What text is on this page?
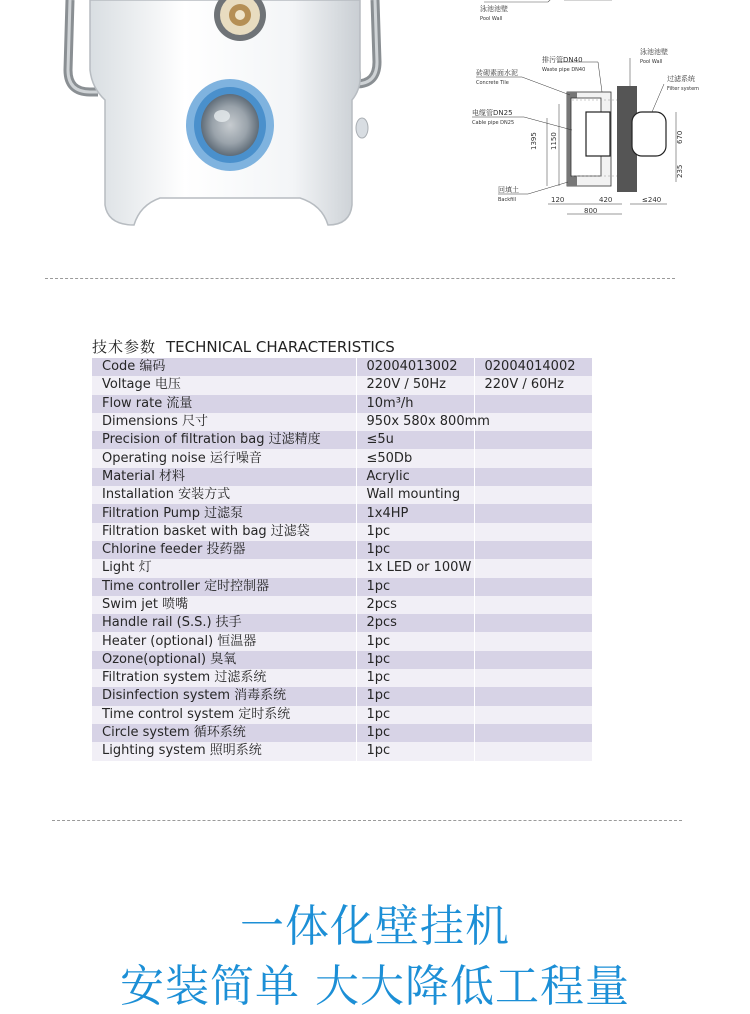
泳池池壁
Pool Wall
排污管DN40
Waste pipe DN40
泳池池壁
Pool Wall
砖砌素面水泥
Concrete Tile	过滤系统
Filter system
电缆管DN25
Cable pipe DN25
回填土
Backfill
1395 1150	670
235
120	420
800
≤240
技术参数 TECHNICAL CHARACTERISTICS
Code 编码	02004013002	02004014002
Voltage 电压	220V / 50Hz	220V / 60Hz
Flow rate 流量	10m³/h	
Dimensions 尺寸	950x 580x 800mm	
Precision of filtration bag 过滤精度	≤5u	
Operating noise 运行噪音	≤50Db	
Material 材料	Acrylic	
Installation 安装方式	Wall mounting	
Filtration Pump 过滤泵	1x4HP	
Filtration basket with bag 过滤袋	1pc	
Chlorine feeder 投药器	1pc	
Light 灯	1x LED or 100W	
Time controller 定时控制器	1pc	
Swim jet 喷嘴	2pcs	
Handle rail (S.S.) 扶手	2pcs	
Heater (optional) 恒温器	1pc	
Ozone(optional) 臭氧	1pc	
Filtration system 过滤系统	1pc	
Disinfection system 消毒系统	1pc	
Time control system 定时系统	1pc	
Circle system 循环系统	1pc	
Lighting system 照明系统	1pc	
一体化壁挂机
安装简单 大大降低工程量
